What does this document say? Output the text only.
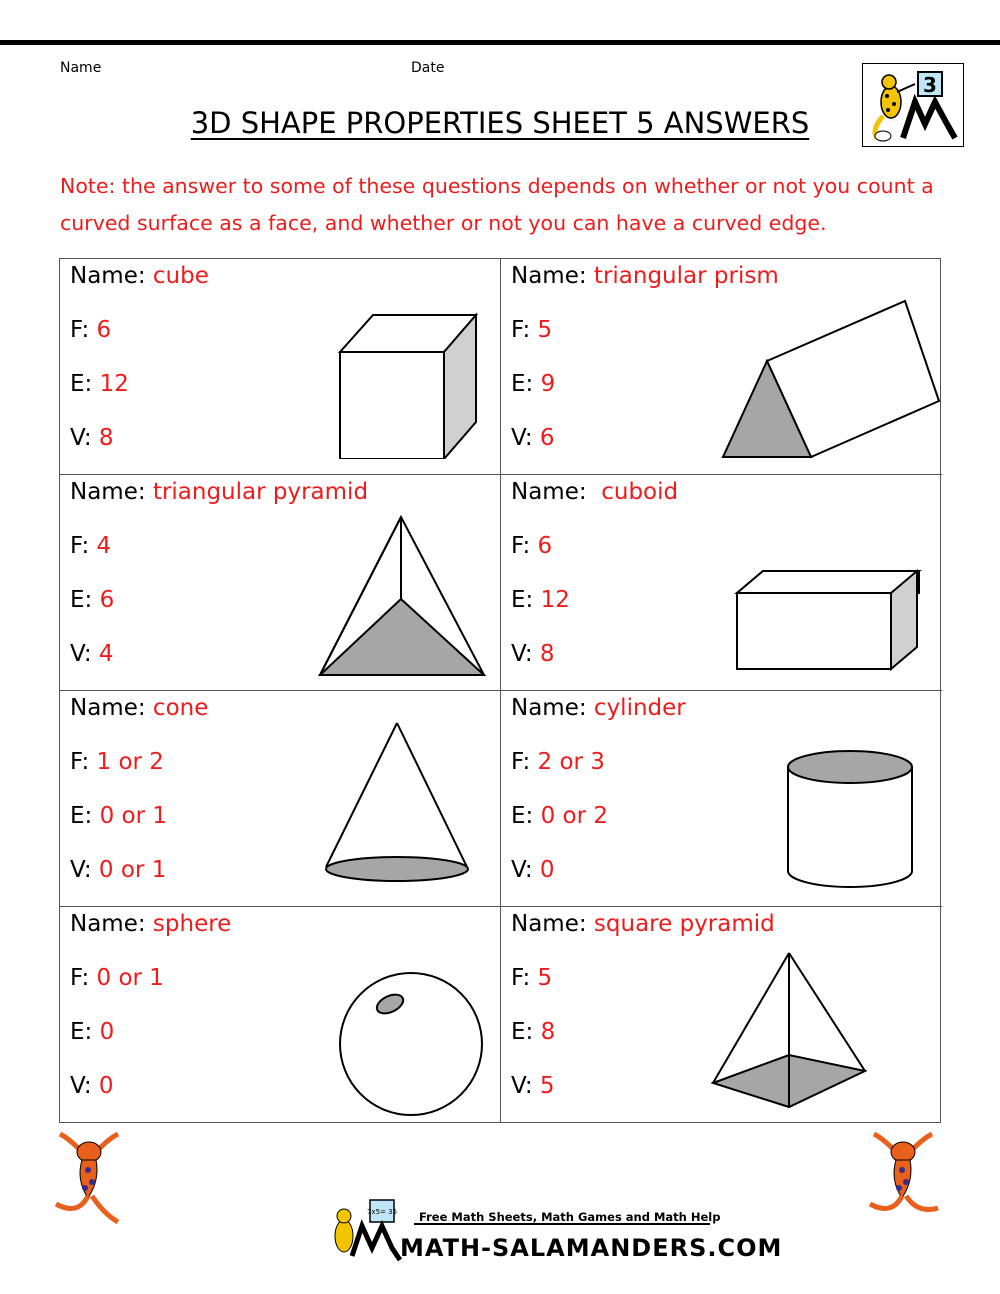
Name	Date
3D SHAPE PROPERTIES SHEET 5 ANSWERS
3
Note: the answer to some of these questions depends on whether or not you count a curved surface as a face, and whether or not you can have a curved edge.
Name: cube
F: 6
E: 12
V: 8
Name: triangular prism
F: 5
E: 9
V: 6
Name: triangular pyramid
F: 4
E: 6
V: 4
Name:  cuboid
F: 6
E: 12
V: 8
Name: cone
F: 1 or 2
E: 0 or 1
V: 0 or 1
Name: cylinder
F: 2 or 3
E: 0 or 2
V: 0
Name: sphere
F: 0 or 1
E: 0
V: 0
Name: square pyramid
F: 5
E: 8
V: 5
7x5= 35 Free Math Sheets, Math Games and Math Help
MATH-SALAMANDERS.COM
